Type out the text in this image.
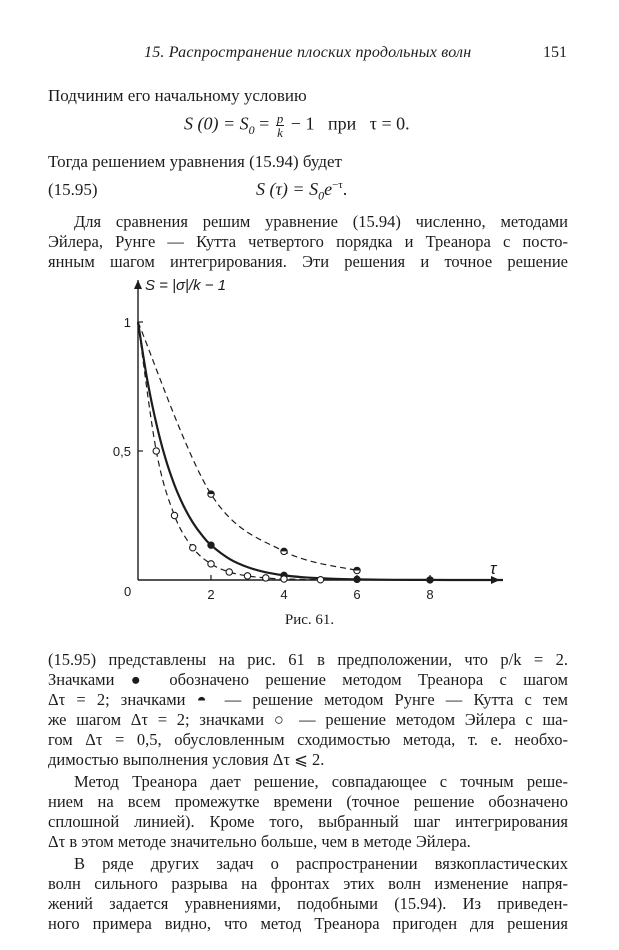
15. Распространение плоских продольных волн	151
Подчиним его начальному условию
S $(0) = S_0 = \frac{p}{k} - 1$   при   τ = 0.
Тогда решением уравнения (15.94) будет
(15.95)	S $(\tau) = S_0e^{-\tau}$.
Для сравнения решим уравнение (15.94) численно, методами
Эйлера, Рунге — Кутта четвертого порядка и Треанора с посто-
янным шагом интегрирования. Эти решения и точное решение
2	4	6	8
0,5
1
S = |σ|/k − 1
τ
0
Рис. 61.
(15.95) представлены на рис. 61 в предположении, что p/k = 2.
Значками ● обозначено решение методом Треанора с шагом
Δτ = 2; значками ◓ — решение методом Рунге — Кутта с тем
же шагом Δτ = 2; значками ○ — решение методом Эйлера с ша-
гом Δτ = 0,5, обусловленным сходимостью метода, т. е. необхо-
димостью выполнения условия Δτ ⩽ 2.
Метод Треанора дает решение, совпадающее с точным реше-
нием на всем промежутке времени (точное решение обозначено
сплошной линией). Кроме того, выбранный шаг интегрирования
Δτ в этом методе значительно больше, чем в методе Эйлера.
В ряде других задач о распространении вязкопластических
волн сильного разрыва на фронтах этих волн изменение напря-
жений задается уравнениями, подобными (15.94). Из приведен-
ного примера видно, что метод Треанора пригоден для решения
